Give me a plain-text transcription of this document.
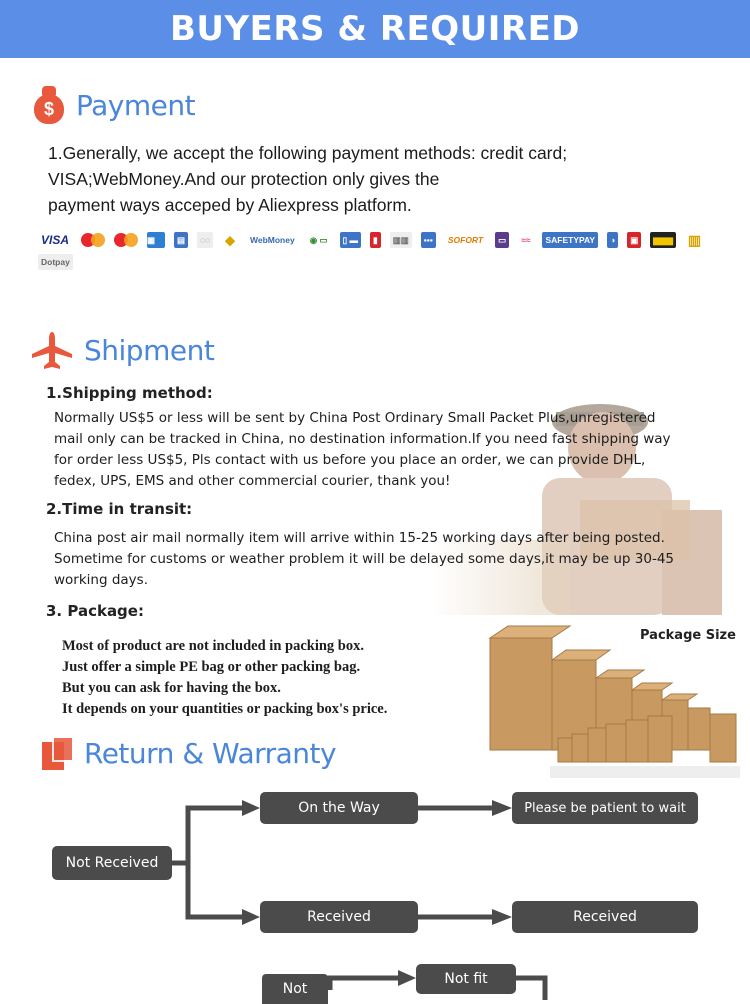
BUYERS & REQUIRED
$ Payment
1.Generally, we accept the following payment methods: credit card;
VISA;WebMoney.And our protection only gives the
payment ways acceped by Aliexpress platform.
VISA	▦	▤	◌◌ ⬥	WebMoney	◉ ▭	▯ ▬	▮	▥▥	▪▪▪	SOFORT	▭	≈≈	SAFETYPAY	◑	▣	▆▆▆ ▥
Dotpay
Shipment
1.Shipping method:
Normally US$5 or less will be sent by China Post Ordinary Small Packet Plus,unregistered
mail only can be tracked in China, no destination information.If you need fast shipping way
for order less US$5, Pls contact with us before you place an order, we can provide DHL,
fedex, UPS, EMS and other commercial courier, thank you!
2.Time in transit:
China post air mail normally item will arrive within 15-25 working days after being posted.
Sometime for customs or weather problem it will be delayed some days,it may be up 30-45
working days.
3. Package:
Most of product are not included in packing box.
Just offer a simple PE bag or other packing bag.
But you can ask for having the box.
It depends on your quantities or packing box's price.
Package Size
Return & Warranty
Not Received
On the Way	Please be patient to wait
Received	Received
Not
Not fit
